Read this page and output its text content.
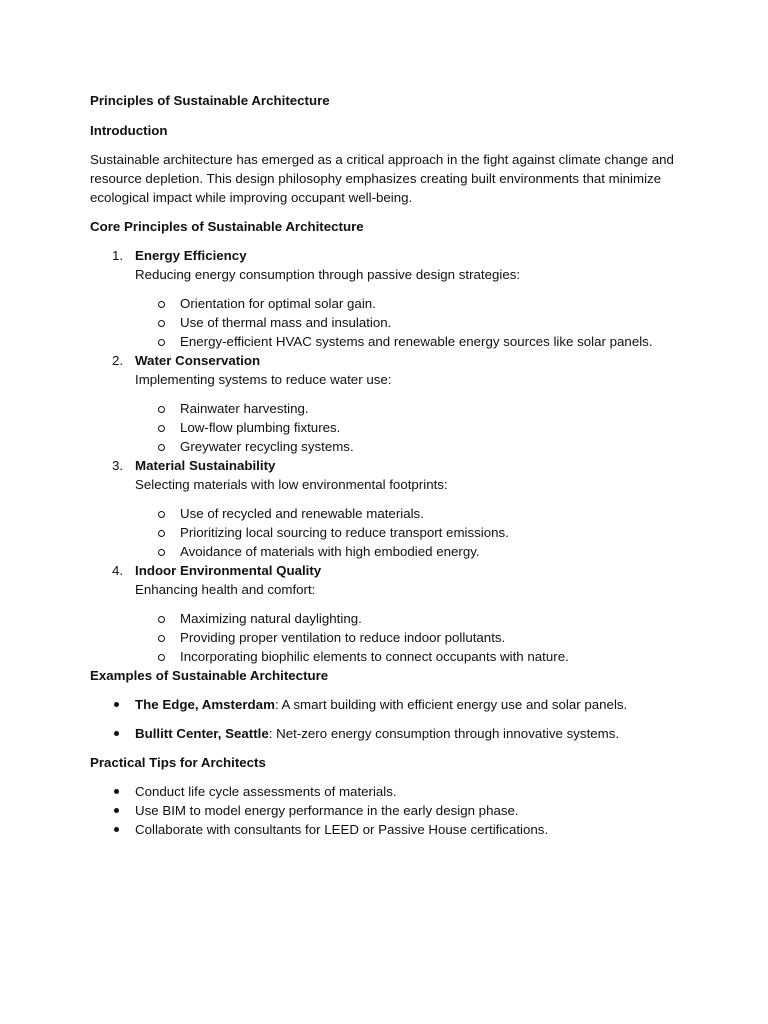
Principles of Sustainable Architecture

Introduction

Sustainable architecture has emerged as a critical approach in the fight against climate change and resource depletion. This design philosophy emphasizes creating built environments that minimize ecological impact while improving occupant well-being.

Core Principles of Sustainable Architecture

1. Energy Efficiency
Reducing energy consumption through passive design strategies:
Orientation for optimal solar gain.
Use of thermal mass and insulation.
Energy-efficient HVAC systems and renewable energy sources like solar panels.
2. Water Conservation
Implementing systems to reduce water use:
Rainwater harvesting.
Low-flow plumbing fixtures.
Greywater recycling systems.
3. Material Sustainability
Selecting materials with low environmental footprints:
Use of recycled and renewable materials.
Prioritizing local sourcing to reduce transport emissions.
Avoidance of materials with high embodied energy.
4. Indoor Environmental Quality
Enhancing health and comfort:
Maximizing natural daylighting.
Providing proper ventilation to reduce indoor pollutants.
Incorporating biophilic elements to connect occupants with nature.

Examples of Sustainable Architecture

The Edge, Amsterdam: A smart building with efficient energy use and solar panels.
Bullitt Center, Seattle: Net-zero energy consumption through innovative systems.

Practical Tips for Architects

Conduct life cycle assessments of materials.
Use BIM to model energy performance in the early design phase.
Collaborate with consultants for LEED or Passive House certifications.
